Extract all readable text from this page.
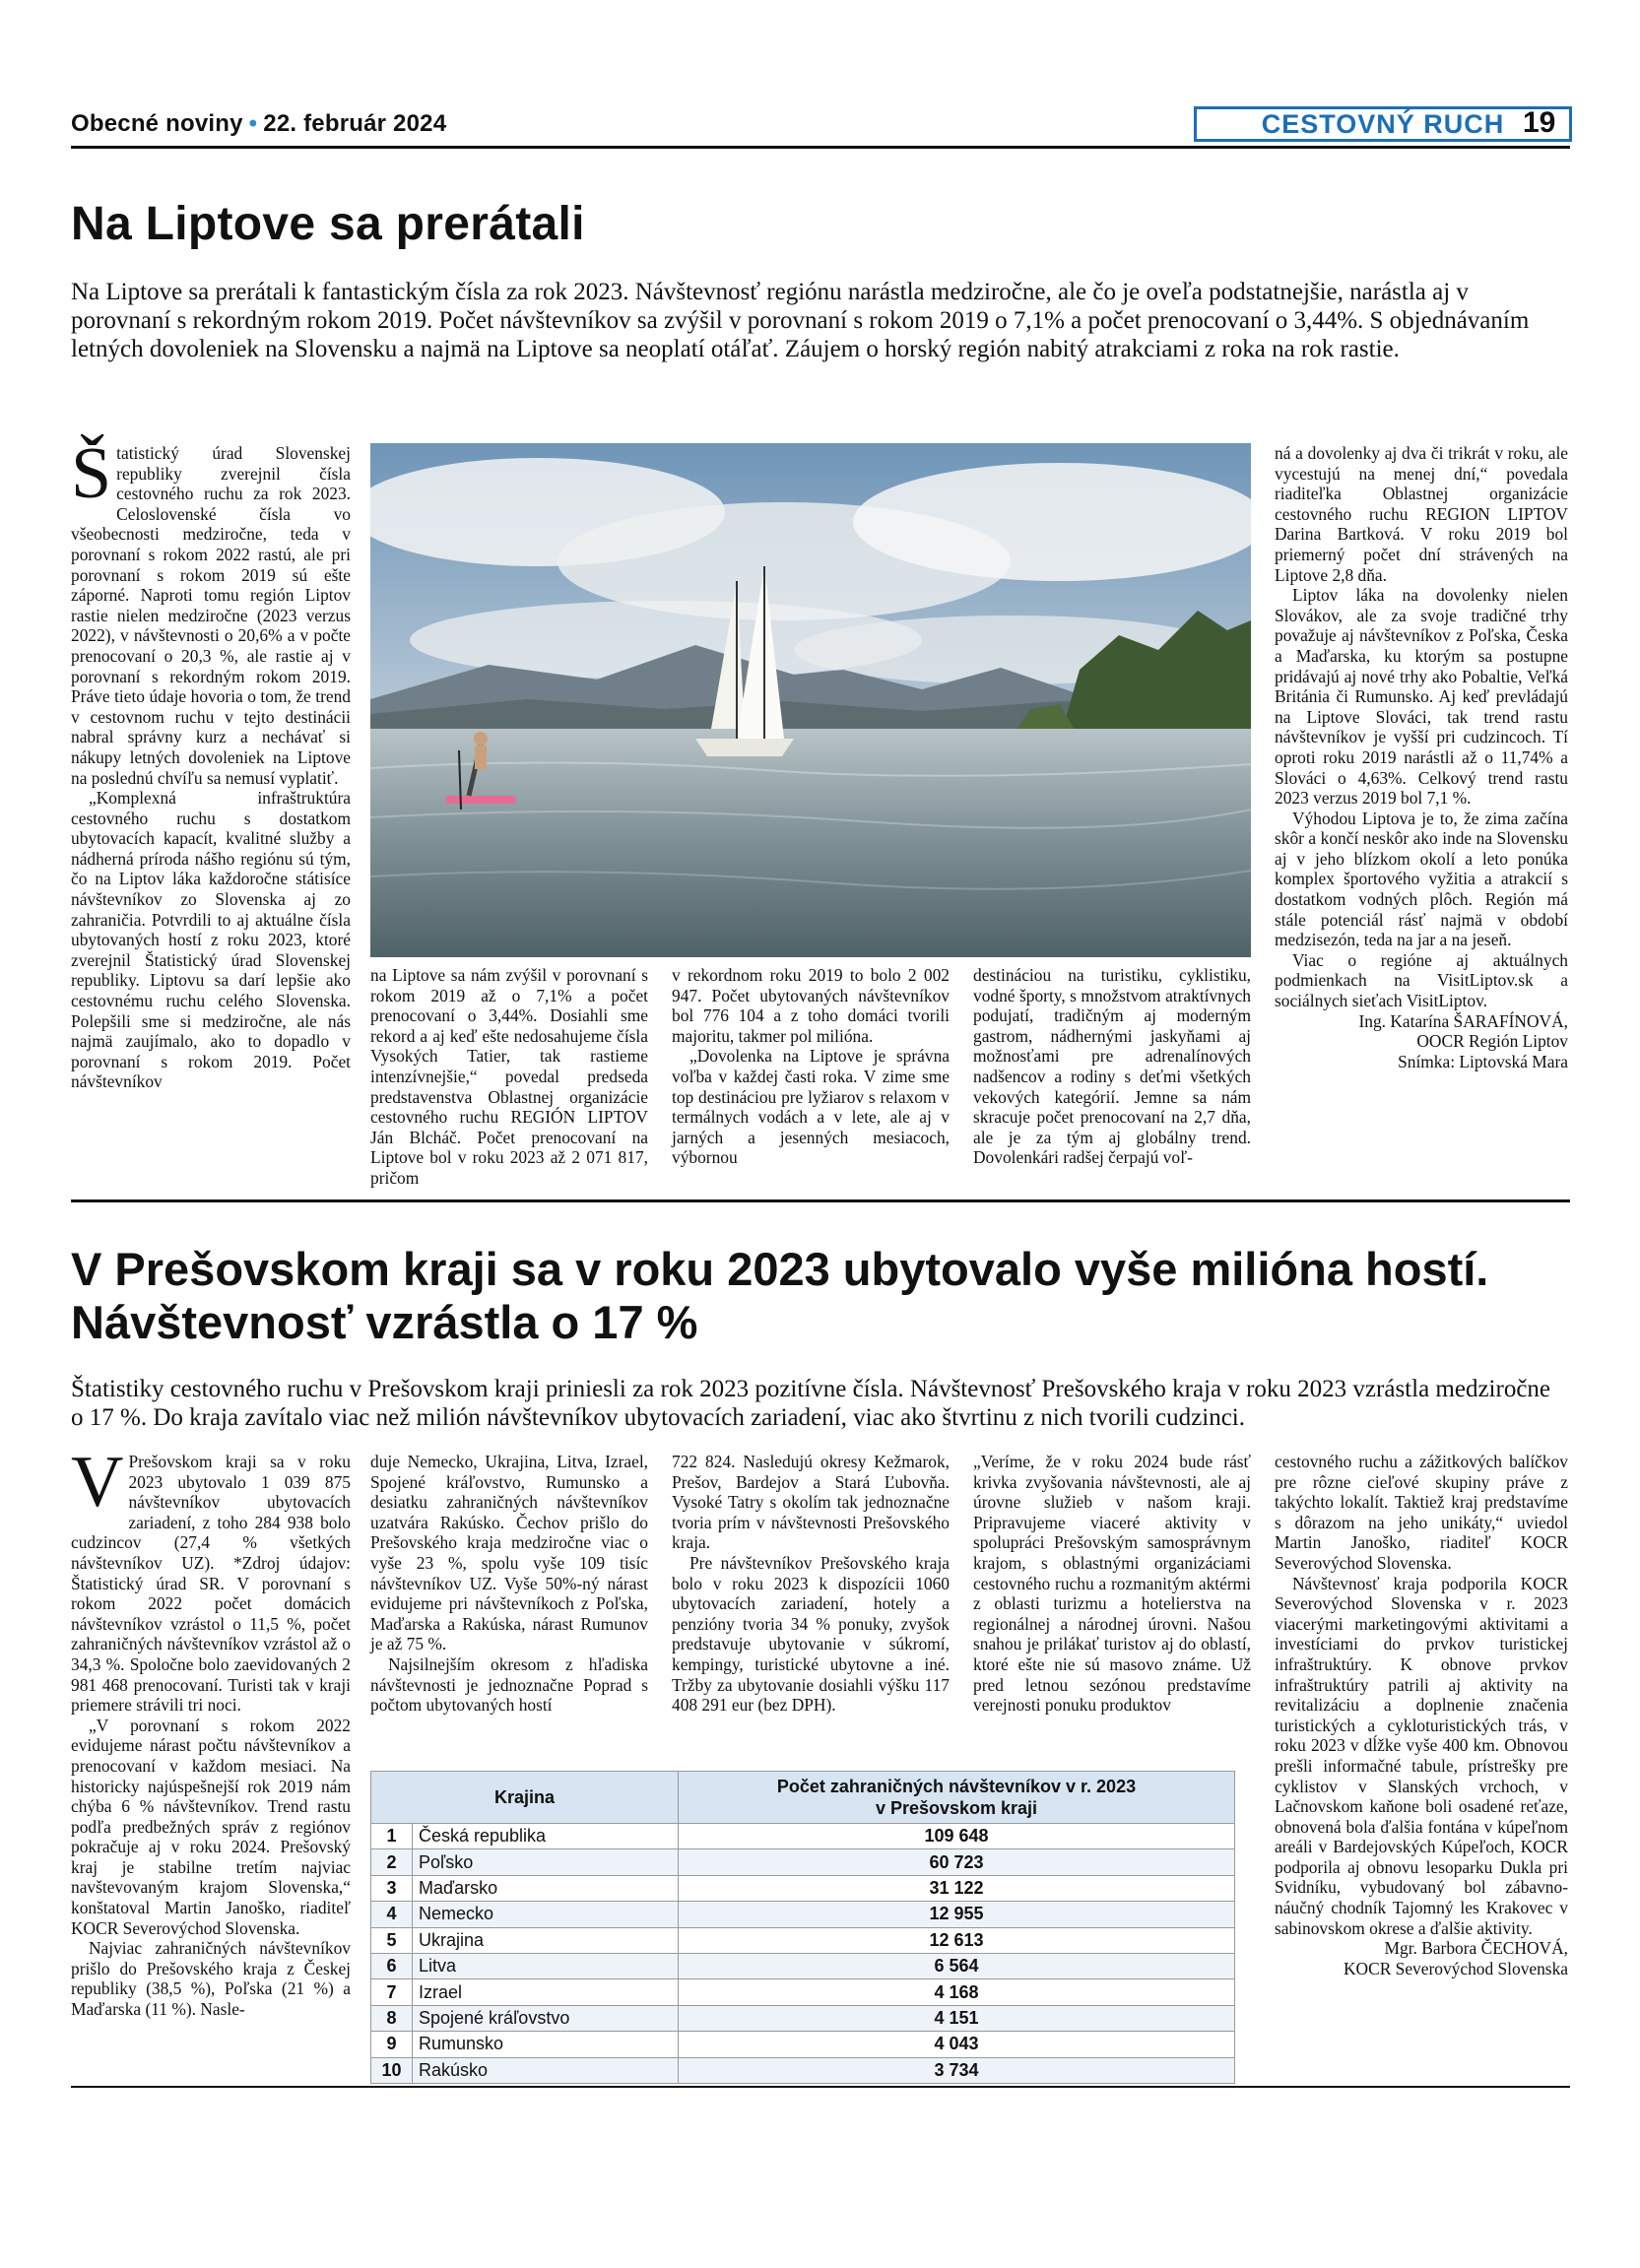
Obecné noviny • 22. február 2024	CESTOVNÝ RUCH 19
Na Liptove sa prerátali
Na Liptove sa prerátali k fantastickým čísla za rok 2023. Návštevnosť regiónu narástla medziročne, ale čo je oveľa podstatnejšie, narástla aj v porovnaní s rekordným rokom 2019. Počet návštevníkov sa zvýšil v porovnaní s rokom 2019 o 7,1% a počet prenocovaní o 3,44%. S objednávaním letných dovoleniek na Slovensku a najmä na Liptove sa neoplatí otáľať. Záujem o horský región nabitý atrakciami z roka na rok rastie.

Štatistický úrad Slovenskej republiky zverejnil čísla cestovného ruchu za rok 2023. Celoslovenské čísla vo všeobecnosti medziročne, teda v porovnaní s rokom 2022 rastú, ale pri porovnaní s rokom 2019 sú ešte záporné. Naproti tomu región Liptov rastie nielen medziročne (2023 verzus 2022), v návštevnosti o 20,6% a v počte prenocovaní o 20,3 %, ale rastie aj v porovnaní s rekordným rokom 2019. Práve tieto údaje hovoria o tom, že trend v cestovnom ruchu v tejto destinácii nabral správny kurz a nechávať si nákupy letných dovoleniek na Liptove na poslednú chvíľu sa nemusí vyplatiť.

„Komplexná infraštruktúra cestovného ruchu s dostatkom ubytovacích kapacít, kvalitné služby a nádherná príroda nášho regiónu sú tým, čo na Liptov láka každoročne státisíce návštevníkov zo Slovenska aj zo zahraničia. Potvrdili to aj aktuálne čísla ubytovaných hostí z roku 2023, ktoré zverejnil Štatistický úrad Slovenskej republiky. Liptovu sa darí lepšie ako cestovnému ruchu celého Slovenska. Polepšili sme si medziročne, ale nás najmä zaujímalo, ako to dopadlo v porovnaní s rokom 2019. Počet návštevníkov

na Liptove sa nám zvýšil v porovnaní s rokom 2019 až o 7,1% a počet prenocovaní o 3,44%. Dosiahli sme rekord a aj keď ešte nedosahujeme čísla Vysokých Tatier, tak rastieme intenzívnejšie,“ povedal predseda predstavenstva Oblastnej organizácie cestovného ruchu REGIÓN LIPTOV Ján Blcháč. Počet prenocovaní na Liptove bol v roku 2023 až 2 071 817, pričom

v rekordnom roku 2019 to bolo 2 002 947. Počet ubytovaných návštevníkov bol 776 104 a z toho domáci tvorili majoritu, takmer pol milióna.

„Dovolenka na Liptove je správna voľba v každej časti roka. V zime sme top destináciou pre lyžiarov s relaxom v termálnych vodách a v lete, ale aj v jarných a jesenných mesiacoch, výbornou

destináciou na turistiku, cyklistiku, vodné športy, s množstvom atraktívnych podujatí, tradičným aj moderným gastrom, nádhernými jaskyňami aj možnosťami pre adrenalínových nadšencov a rodiny s deťmi všetkých vekových kategórií. Jemne sa nám skracuje počet prenocovaní na 2,7 dňa, ale je za tým aj globálny trend. Dovolenkári radšej čerpajú voľ-

ná a dovolenky aj dva či trikrát v roku, ale vycestujú na menej dní,“ povedala riaditeľka Oblastnej organizácie cestovného ruchu REGION LIPTOV Darina Bartková. V roku 2019 bol priemerný počet dní strávených na Liptove 2,8 dňa.

Liptov láka na dovolenky nielen Slovákov, ale za svoje tradičné trhy považuje aj návštevníkov z Poľska, Česka a Maďarska, ku ktorým sa postupne pridávajú aj nové trhy ako Pobaltie, Veľká Británia či Rumunsko. Aj keď prevládajú na Liptove Slováci, tak trend rastu návštevníkov je vyšší pri cudzincoch. Tí oproti roku 2019 narástli až o 11,74% a Slováci o 4,63%. Celkový trend rastu 2023 verzus 2019 bol 7,1 %.

Výhodou Liptova je to, že zima začína skôr a končí neskôr ako inde na Slovensku aj v jeho blízkom okolí a leto ponúka komplex športového vyžitia a atrakcií s dostatkom vodných plôch. Región má stále potenciál rásť najmä v období medzisezón, teda na jar a na jeseň.

Viac o regióne aj aktuálnych podmienkach na VisitLiptov.sk a sociálnych sieťach VisitLiptov.

Ing. Katarína ŠARAFÍNOVÁ,
OOCR Región Liptov
Snímka: Liptovská Mara
V Prešovskom kraji sa v roku 2023 ubytovalo vyše milióna hostí. Návštevnosť vzrástla o 17 %
Štatistiky cestovného ruchu v Prešovskom kraji priniesli za rok 2023 pozitívne čísla. Návštevnosť Prešovského kraja v roku 2023 vzrástla medziročne o 17 %. Do kraja zavítalo viac než milión návštevníkov ubytovacích zariadení, viac ako štvrtinu z nich tvorili cudzinci.

V Prešovskom kraji sa v roku 2023 ubytovalo 1 039 875 návštevníkov ubytovacích zariadení, z toho 284 938 bolo cudzincov (27,4 % všetkých návštevníkov UZ). *Zdroj údajov: Štatistický úrad SR. V porovnaní s rokom 2022 počet domácich návštevníkov vzrástol o 11,5 %, počet zahraničných návštevníkov vzrástol až o 34,3 %. Spoločne bolo zaevidovaných 2 981 468 prenocovaní. Turisti tak v kraji priemere strávili tri noci.

„V porovnaní s rokom 2022 evidujeme nárast počtu návštevníkov a prenocovaní v každom mesiaci. Na historicky najúspešnejší rok 2019 nám chýba 6 % návštevníkov. Trend rastu podľa predbežných správ z regiónov pokračuje aj v roku 2024. Prešovský kraj je stabilne tretím najviac navštevovaným krajom Slovenska,“ konštatoval Martin Janoško, riaditeľ KOCR Severovýchod Slovenska.

Najviac zahraničných návštevníkov prišlo do Prešovského kraja z Českej republiky (38,5 %), Poľska (21 %) a Maďarska (11 %). Nasle-

duje Nemecko, Ukrajina, Litva, Izrael, Spojené kráľovstvo, Rumunsko a desiatku zahraničných návštevníkov uzatvára Rakúsko. Čechov prišlo do Prešovského kraja medziročne viac o vyše 23 %, spolu vyše 109 tisíc návštevníkov UZ. Vyše 50%-ný nárast evidujeme pri návštevníkoch z Poľska, Maďarska a Rakúska, nárast Rumunov je až 75 %.

Najsilnejším okresom z hľadiska návštevnosti je jednoznačne Poprad s počtom ubytovaných hostí

722 824. Nasledujú okresy Kežmarok, Prešov, Bardejov a Stará Ľubovňa. Vysoké Tatry s okolím tak jednoznačne tvoria prím v návštevnosti Prešovského kraja.

Pre návštevníkov Prešovského kraja bolo v roku 2023 k dispozícii 1060 ubytovacích zariadení, hotely a penzióny tvoria 34 % ponuky, zvyšok predstavuje ubytovanie v súkromí, kempingy, turistické ubytovne a iné. Tržby za ubytovanie dosiahli výšku 117 408 291 eur (bez DPH).

„Veríme, že v roku 2024 bude rásť krivka zvyšovania návštevnosti, ale aj úrovne služieb v našom kraji. Pripravujeme viaceré aktivity v spolupráci Prešovským samosprávnym krajom, s oblastnými organizáciami cestovného ruchu a rozmanitým aktérmi z oblasti turizmu a hotelierstva na regionálnej a národnej úrovni. Našou snahou je prilákať turistov aj do oblastí, ktoré ešte nie sú masovo známe. Už pred letnou sezónou predstavíme verejnosti ponuku produktov

Krajina		Počet zahraničných návštevníkov v r. 2023
v Prešovskom kraji

1	Česká republika	109 648
2	Poľsko	60 723
3	Maďarsko	31 122
4	Nemecko	12 955
5	Ukrajina	12 613
6	Litva	6 564
7	Izrael	4 168
8	Spojené kráľovstvo	4 151
9	Rumunsko	4 043
10	Rakúsko	3 734

cestovného ruchu a zážitkových balíčkov pre rôzne cieľové skupiny práve z takýchto lokalít. Taktiež kraj predstavíme s dôrazom na jeho unikáty,“ uviedol Martin Janoško, riaditeľ KOCR Severovýchod Slovenska.

Návštevnosť kraja podporila KOCR Severovýchod Slovenska v r. 2023 viacerými marketingovými aktivitami a investíciami do prvkov turistickej infraštruktúry. K obnove prvkov infraštruktúry patrili aj aktivity na revitalizáciu a doplnenie značenia turistických a cykloturistických trás, v roku 2023 v dĺžke vyše 400 km. Obnovou prešli informačné tabule, prístrešky pre cyklistov v Slanských vrchoch, v Lačnovskom kaňone boli osadené reťaze, obnovená bola ďalšia fontána v kúpeľnom areáli v Bardejovských Kúpeľoch, KOCR podporila aj obnovu lesoparku Dukla pri Svidníku, vybudovaný bol zábavno-náučný chodník Tajomný les Krakovec v sabinovskom okrese a ďalšie aktivity.

Mgr. Barbora ČECHOVÁ,
KOCR Severovýchod Slovenska
